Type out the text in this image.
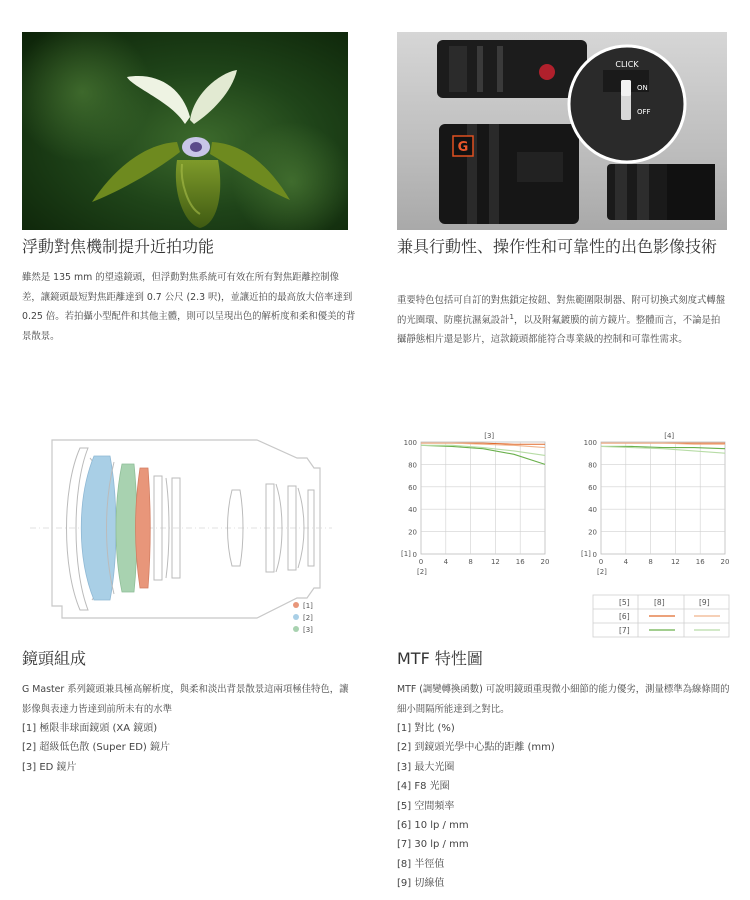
G
CLICK
ON
OFF
浮動對焦機制提升近拍功能

雖然是 135 mm 的望遠鏡頭，但浮動對焦系統可有效在所有對焦距離控制像差，讓鏡頭最短對焦距離達到 0.7 公尺 (2.3 呎)，並讓近拍的最高放大倍率達到 0.25 倍。若拍攝小型配件和其他主體，則可以呈現出色的解析度和柔和優美的背景散景。

兼具行動性、操作性和可靠性的出色影像技術

重要特色包括可自訂的對焦鎖定按鈕、對焦範圍限制器、附可切換式刻度式轉盤的光圈環、防塵抗濕氣設計$^1$，以及附氟鍍膜的前方鏡片。整體而言，不論是拍攝靜態相片還是影片，這款鏡頭都能符合專業級的控制和可靠性需求。

[1]
[2]
[3]
100
80
60
40
20
0
0	4	8	12 16 20
[3]
[1]
[2]
100
80
60
40
20
0
0	4	8	12 16 20
[4]
[1]
[2]
[5]	[8]	[9]
[6]
[7]
鏡頭組成

G Master 系列鏡頭兼具極高解析度，與柔和淡出背景散景這兩項極佳特色，讓影像與表達力皆達到前所未有的水準

[1] 極限非球面鏡頭 (XA 鏡頭)
[2] 超級低色散 (Super ED) 鏡片
[3] ED 鏡片
MTF 特性圖

MTF (調變轉換函數) 可說明鏡頭重現微小細節的能力優劣，測量標準為線條間的細小間隔所能達到之對比。

[1] 對比 (%)
[2] 到鏡頭光學中心點的距離 (mm)
[3] 最大光圈
[4] F8 光圈
[5] 空間頻率
[6] 10 lp / mm
[7] 30 lp / mm
[8] 半徑值
[9] 切線值
